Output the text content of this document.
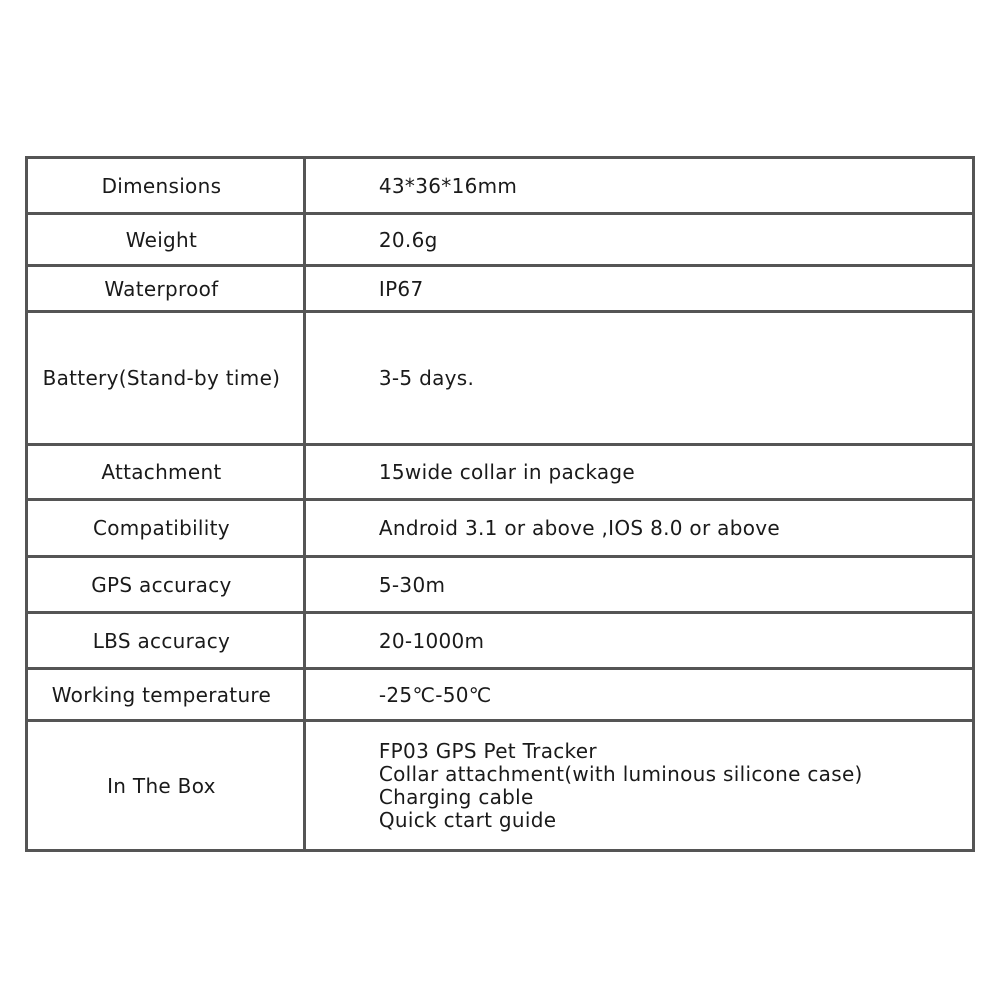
Dimensions	43*36*16mm

Weight	20.6g

Waterproof	IP67

Battery(Stand-by time)	3-5 days.

Attachment	15wide collar in package

Compatibility	Android 3.1 or above ,IOS 8.0 or above

GPS accuracy	5-30m

LBS accuracy	20-1000m

Working temperature	-25℃-50℃

In The Box	FP03 GPS Pet Tracker
Collar attachment(with luminous silicone case)
Charging cable
Quick ctart guide
